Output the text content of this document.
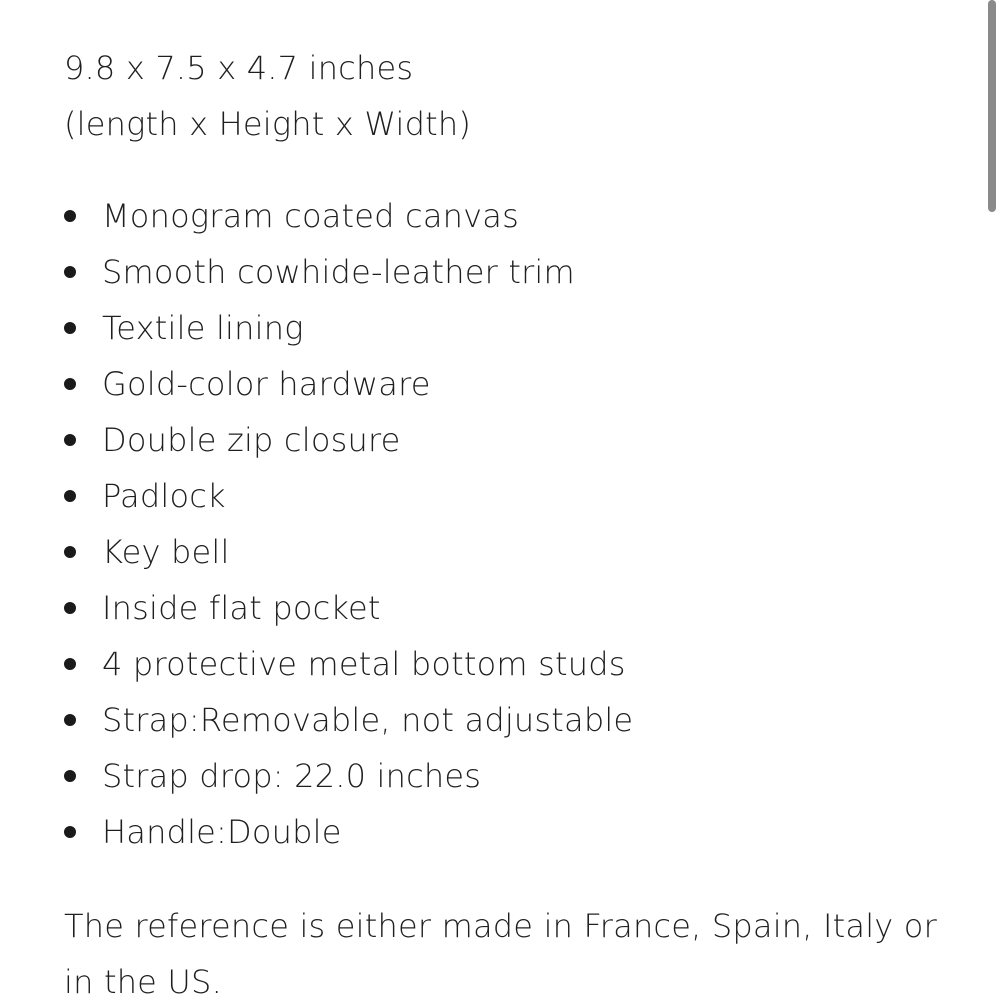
9.8 x 7.5 x 4.7 inches
(length x Height x Width)
Monogram coated canvas
Smooth cowhide-leather trim
Textile lining
Gold-color hardware
Double zip closure
Padlock
Key bell
Inside flat pocket
4 protective metal bottom studs
Strap:Removable, not adjustable
Strap drop: 22.0 inches
Handle:Double
The reference is either made in France, Spain, Italy or in the US.
